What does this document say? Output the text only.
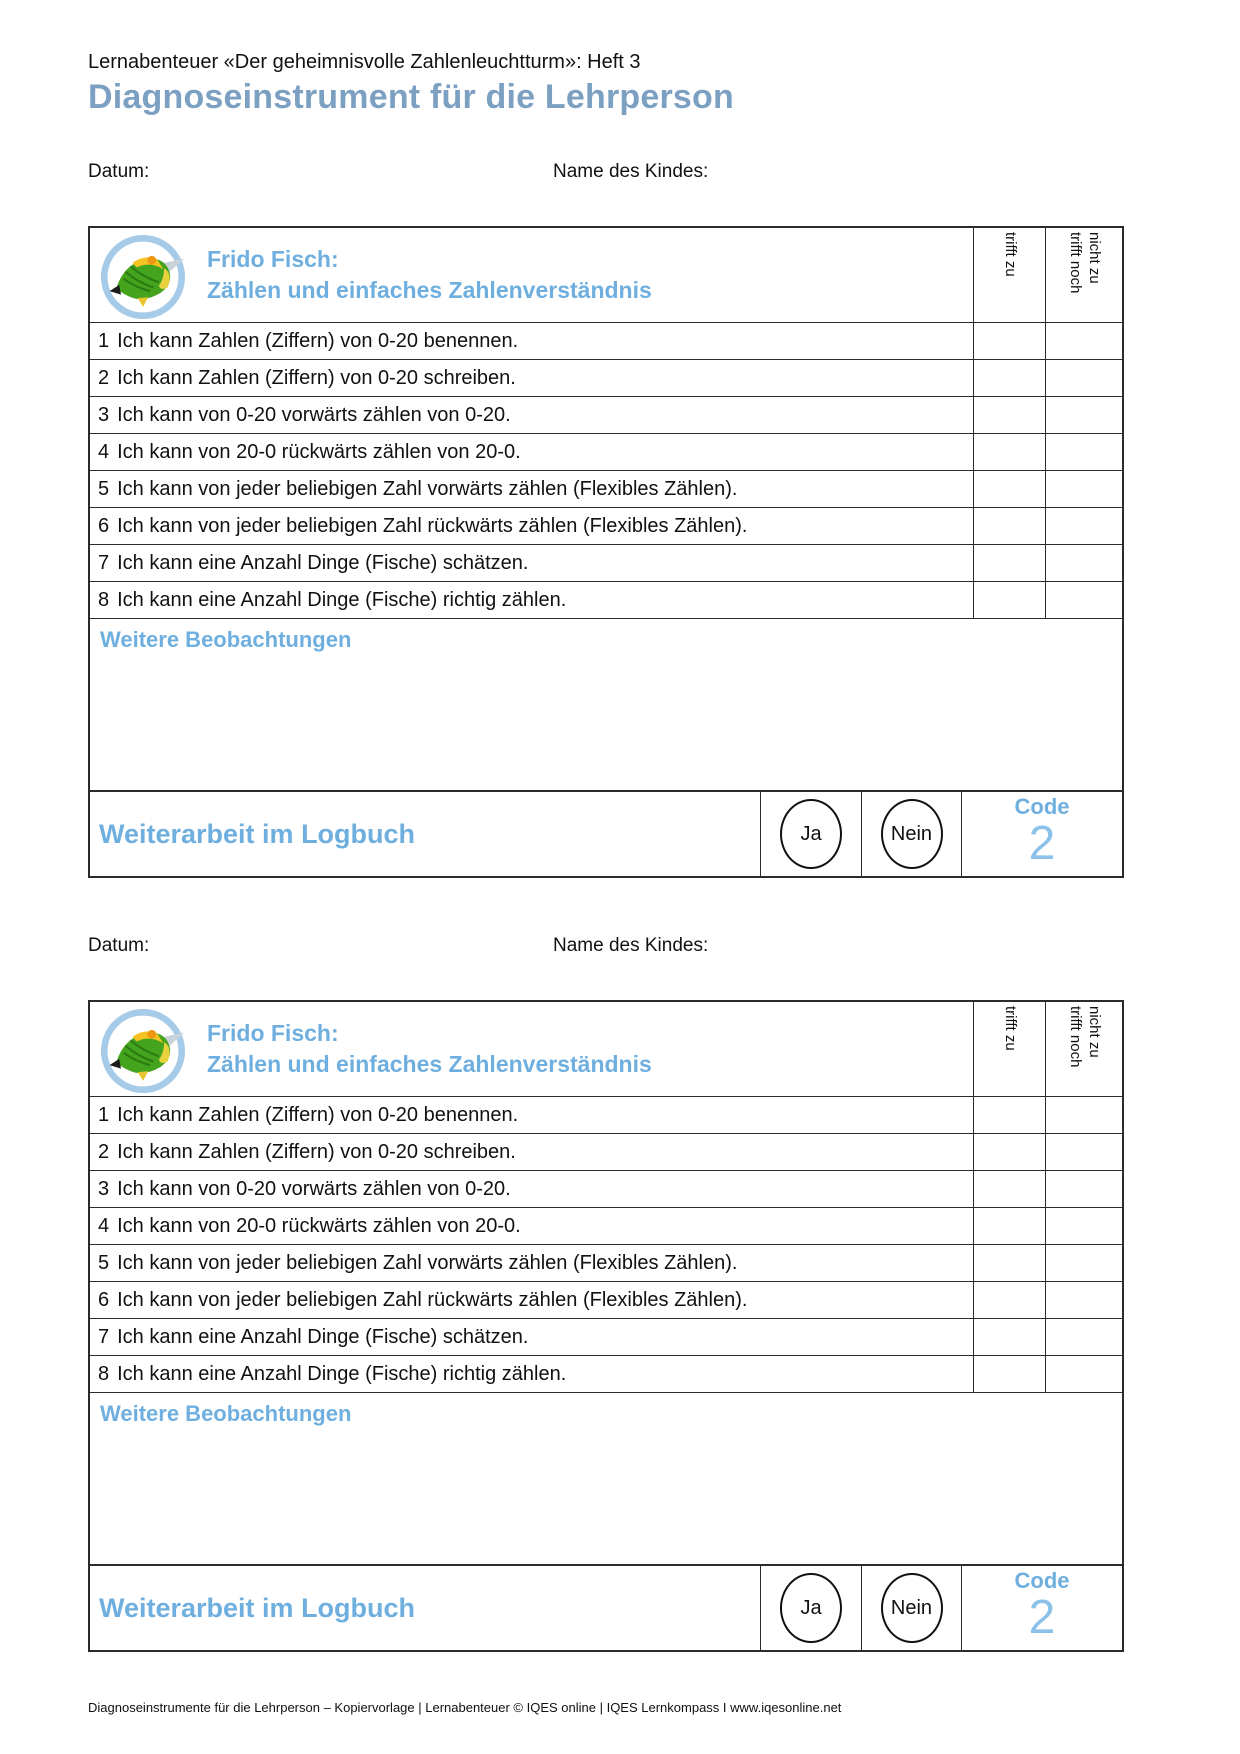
Lernabenteuer «Der geheimnisvolle Zahlenleuchtturm»: Heft 3
Diagnoseinstrument für die Lehrperson
Datum:	Name des Kindes:
Frido Fisch:
Zählen und einfaches Zahlenverständnis
trifft zu	trifft noch nicht zu
1 Ich kann Zahlen (Ziffern) von 0-20 benennen.
2 Ich kann Zahlen (Ziffern) von 0-20 schreiben.
3 Ich kann von 0-20 vorwärts zählen von 0-20.
4 Ich kann von 20-0 rückwärts zählen von 20-0.
5 Ich kann von jeder beliebigen Zahl vorwärts zählen (Flexibles Zählen).
6 Ich kann von jeder beliebigen Zahl rückwärts zählen (Flexibles Zählen).
7 Ich kann eine Anzahl Dinge (Fische) schätzen.
8 Ich kann eine Anzahl Dinge (Fische) richtig zählen.
Weitere Beobachtungen
Weiterarbeit im Logbuch	Ja	Nein
Code
2
Datum:	Name des Kindes:
Frido Fisch:
Zählen und einfaches Zahlenverständnis
trifft zu	trifft noch nicht zu
1 Ich kann Zahlen (Ziffern) von 0-20 benennen.
2 Ich kann Zahlen (Ziffern) von 0-20 schreiben.
3 Ich kann von 0-20 vorwärts zählen von 0-20.
4 Ich kann von 20-0 rückwärts zählen von 20-0.
5 Ich kann von jeder beliebigen Zahl vorwärts zählen (Flexibles Zählen).
6 Ich kann von jeder beliebigen Zahl rückwärts zählen (Flexibles Zählen).
7 Ich kann eine Anzahl Dinge (Fische) schätzen.
8 Ich kann eine Anzahl Dinge (Fische) richtig zählen.
Weitere Beobachtungen
Weiterarbeit im Logbuch	Ja	Nein
Code
2
Diagnoseinstrumente für die Lehrperson – Kopiervorlage | Lernabenteuer © IQES online | IQES Lernkompass I www.iqesonline.net
